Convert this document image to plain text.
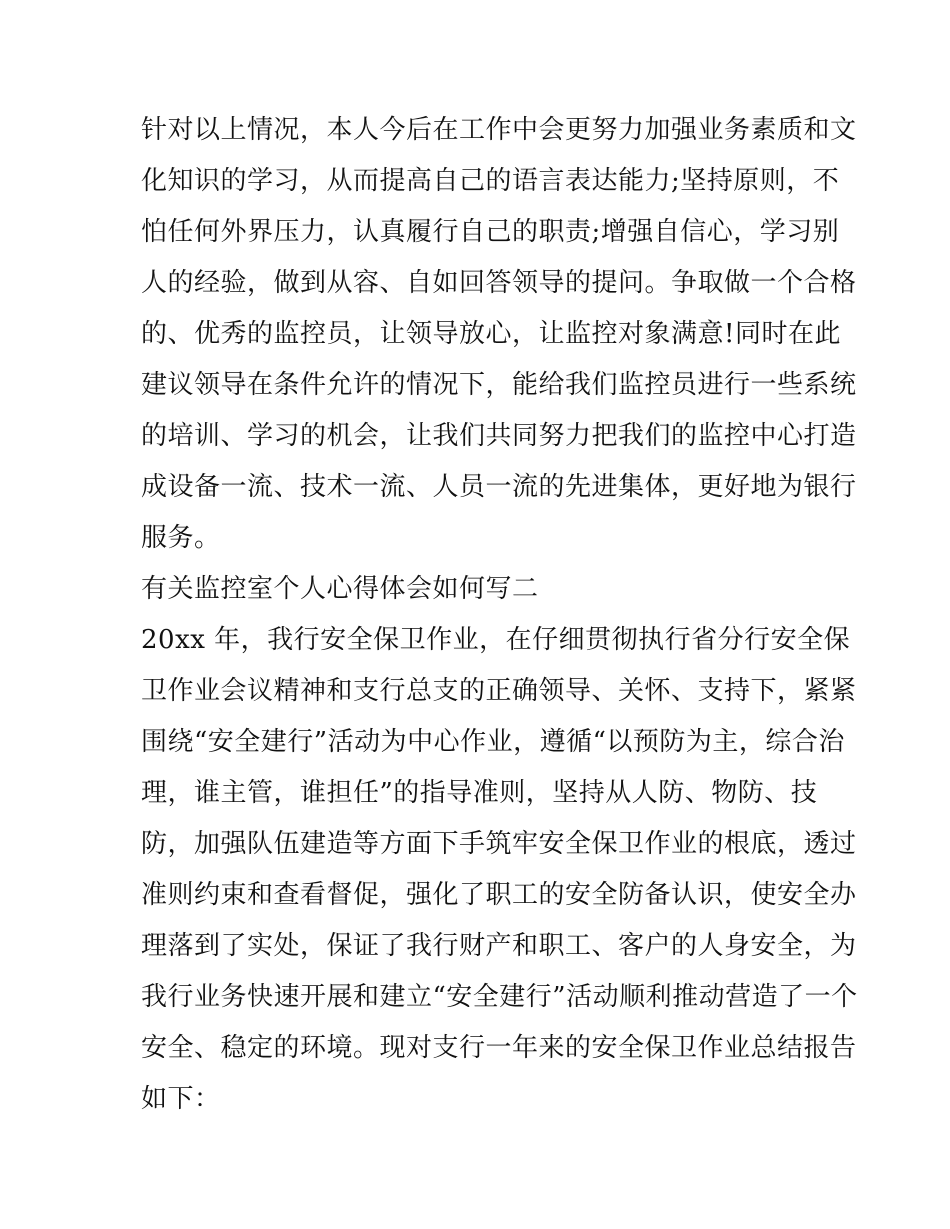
针对以上情况，本人今后在工作中会更努力加强业务素质和文
化知识的学习，从而提高自己的语言表达能力;坚持原则，不
怕任何外界压力，认真履行自己的职责;增强自信心，学习别
人的经验，做到从容、自如回答领导的提问。争取做一个合格
的、优秀的监控员，让领导放心，让监控对象满意!同时在此
建议领导在条件允许的情况下，能给我们监控员进行一些系统
的培训、学习的机会，让我们共同努力把我们的监控中心打造
成设备一流、技术一流、人员一流的先进集体，更好地为银行
服务。
有关监控室个人心得体会如何写二
20xx 年，我行安全保卫作业，在仔细贯彻执行省分行安全保
卫作业会议精神和支行总支的正确领导、关怀、支持下，紧紧
围绕“安全建行”活动为中心作业，遵循“以预防为主，综合治
理，谁主管，谁担任”的指导准则，坚持从人防、物防、技
防，加强队伍建造等方面下手筑牢安全保卫作业的根底，透过
准则约束和查看督促，强化了职工的安全防备认识，使安全办
理落到了实处，保证了我行财产和职工、客户的人身安全，为
我行业务快速开展和建立“安全建行”活动顺利推动营造了一个
安全、稳定的环境。现对支行一年来的安全保卫作业总结报告
如下：
